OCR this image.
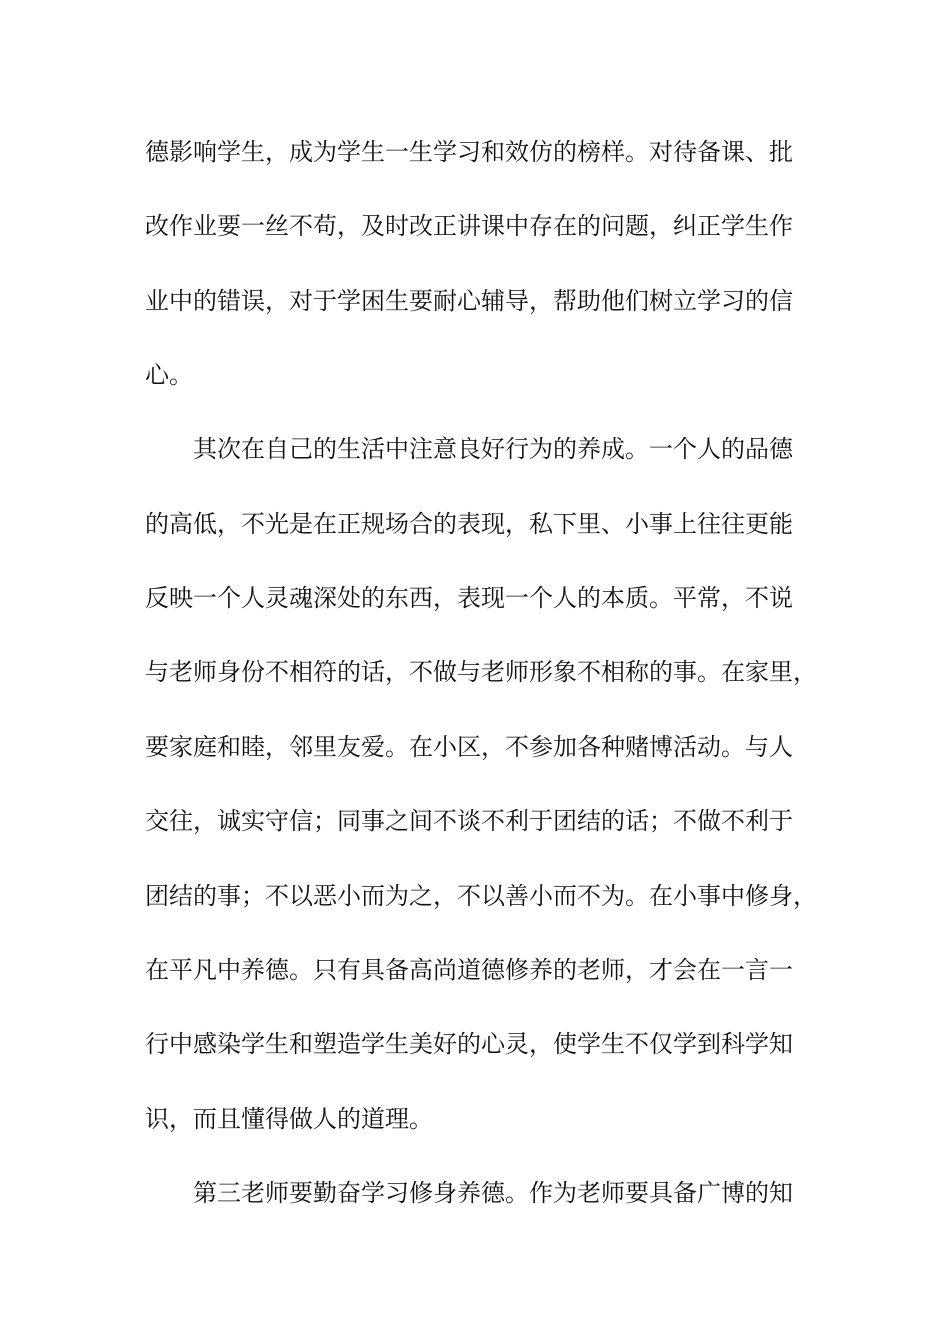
德影响学生，成为学生一生学习和效仿的榜样。对待备课、批

改作业要一丝不苟，及时改正讲课中存在的问题，纠正学生作

业中的错误，对于学困生要耐心辅导，帮助他们树立学习的信

心。

其次在自己的生活中注意良好行为的养成。一个人的品德

的高低，不光是在正规场合的表现，私下里、小事上往往更能

反映一个人灵魂深处的东西，表现一个人的本质。平常，不说

与老师身份不相符的话，不做与老师形象不相称的事。在家里，

要家庭和睦，邻里友爱。在小区，不参加各种赌博活动。与人

交往，诚实守信；同事之间不谈不利于团结的话；不做不利于

团结的事；不以恶小而为之，不以善小而不为。在小事中修身，

在平凡中养德。只有具备高尚道德修养的老师，才会在一言一

行中感染学生和塑造学生美好的心灵，使学生不仅学到科学知

识，而且懂得做人的道理。

第三老师要勤奋学习修身养德。作为老师要具备广博的知
